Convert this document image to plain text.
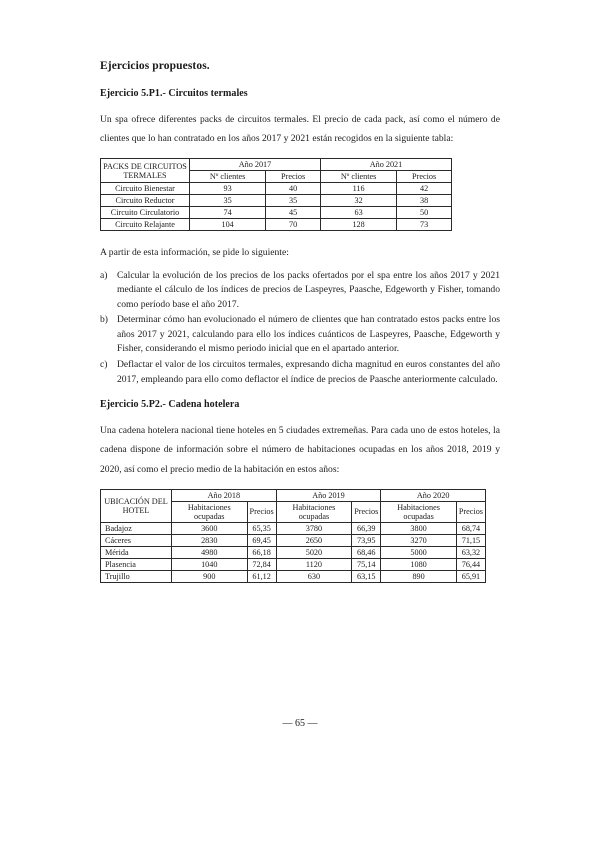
Ejercicios propuestos.
Ejercicio 5.P1.- Circuitos termales

Un spa ofrece diferentes packs de circuitos termales. El precio de cada pack, así como el número de clientes que lo han contratado en los años 2017 y 2021 están recogidos en la siguiente tabla:

PACKS DE CIRCUITOS TERMALES	Año 2017		Año 2021	
	Nº clientes	Precios	Nº clientes	Precios
Circuito Bienestar	93	40	116	42
Circuito Reductor	35	35	32	38
Circuito Circulatorio	74	45	63	50
Circuito Relajante	104	70	128	73

A partir de esta información, se pide lo siguiente:

a) Calcular la evolución de los precios de los packs ofertados por el spa entre los años 2017 y 2021 mediante el cálculo de los índices de precios de Laspeyres, Paasche, Edgeworth y Fisher, tomando como período base el año 2017.
b) Determinar cómo han evolucionado el número de clientes que han contratado estos packs entre los años 2017 y 2021, calculando para ello los índices cuánticos de Laspeyres, Paasche, Edgeworth y Fisher, considerando el mismo periodo inicial que en el apartado anterior.
c) Deflactar el valor de los circuitos termales, expresando dicha magnitud en euros constantes del año 2017, empleando para ello como deflactor el índice de precios de Paasche anteriormente calculado.
Ejercicio 5.P2.- Cadena hotelera

Una cadena hotelera nacional tiene hoteles en 5 ciudades extremeñas. Para cada uno de estos hoteles, la cadena dispone de información sobre el número de habitaciones ocupadas en los años 2018, 2019 y 2020, así como el precio medio de la habitación en estos años:

UBICACIÓN DEL HOTEL	Año 2018		Año 2019		Año 2020	
	Habitaciones ocupadas	Precios	Habitaciones ocupadas	Precios	Habitaciones ocupadas	Precios
Badajoz	3600	65,35	3780	66,39	3800	68,74
Cáceres	2830	69,45	2650	73,95	3270	71,15
Mérida	4980	66,18	5020	68,46	5000	63,32
Plasencia	1040	72,84	1120	75,14	1080	76,44
Trujillo	900	61,12	630	63,15	890	65,91
— 65 —
